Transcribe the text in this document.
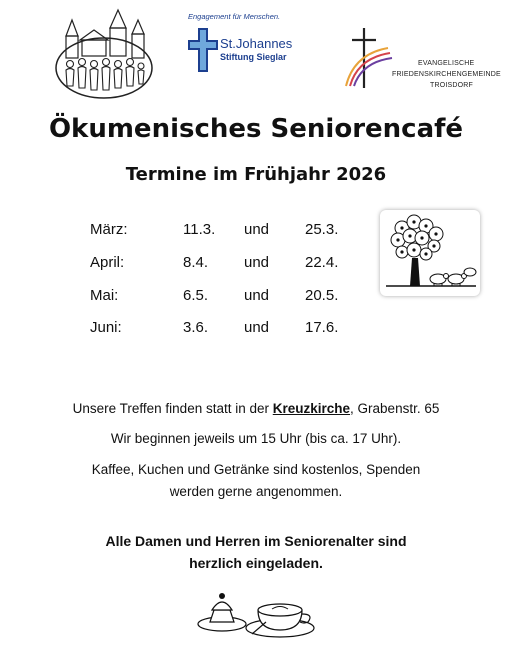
Engagement für Menschen.
St.Johannes
Stiftung Sieglar
EVANGELISCHE
FRIEDENSKIRCHENGEMEINDE
TROISDORF
Ökumenisches Seniorencafé
Termine im Frühjahr 2026
März:	11.3. und 25.3.
April:	8.4. und 22.4.
Mai:	6.5. und 20.5.
Juni:	3.6. und 17.6.
Unsere Treffen finden statt in der Kreuzkirche, Grabenstr. 65
Wir beginnen jeweils um 15 Uhr (bis ca. 17 Uhr).
Kaffee, Kuchen und Getränke sind kostenlos, Spenden
werden gerne angenommen.
Alle Damen und Herren im Seniorenalter sind
herzlich eingeladen.
